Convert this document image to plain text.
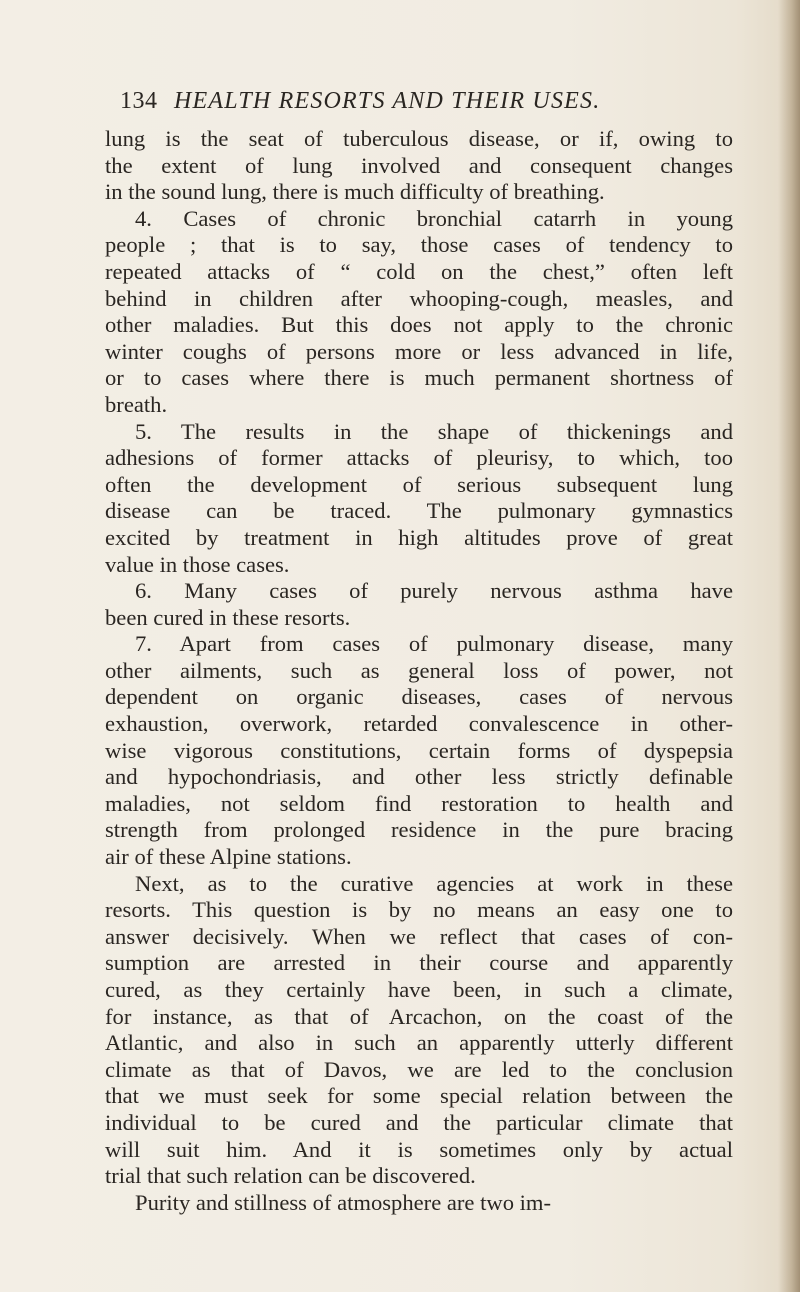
134 HEALTH RESORTS AND THEIR USES.
lung is the seat of tuberculous disease, or if, owing to
the extent of lung involved and consequent changes
in the sound lung, there is much difficulty of breathing.
4. Cases of chronic bronchial catarrh in young
people ; that is to say, those cases of tendency to
repeated attacks of “ cold on the chest,” often left
behind in children after whooping-cough, measles, and
other maladies. But this does not apply to the chronic
winter coughs of persons more or less advanced in life,
or to cases where there is much permanent shortness of
breath.
5. The results in the shape of thickenings and
adhesions of former attacks of pleurisy, to which, too
often the development of serious subsequent lung
disease can be traced. The pulmonary gymnastics
excited by treatment in high altitudes prove of great
value in those cases.
6. Many cases of purely nervous asthma have
been cured in these resorts.
7. Apart from cases of pulmonary disease, many
other ailments, such as general loss of power, not
dependent on organic diseases, cases of nervous
exhaustion, overwork, retarded convalescence in other-
wise vigorous constitutions, certain forms of dyspepsia
and hypochondriasis, and other less strictly definable
maladies, not seldom find restoration to health and
strength from prolonged residence in the pure bracing
air of these Alpine stations.
Next, as to the curative agencies at work in these
resorts. This question is by no means an easy one to
answer decisively. When we reflect that cases of con-
sumption are arrested in their course and apparently
cured, as they certainly have been, in such a climate,
for instance, as that of Arcachon, on the coast of the
Atlantic, and also in such an apparently utterly different
climate as that of Davos, we are led to the conclusion
that we must seek for some special relation between the
individual to be cured and the particular climate that
will suit him. And it is sometimes only by actual
trial that such relation can be discovered.
Purity and stillness of atmosphere are two im-
